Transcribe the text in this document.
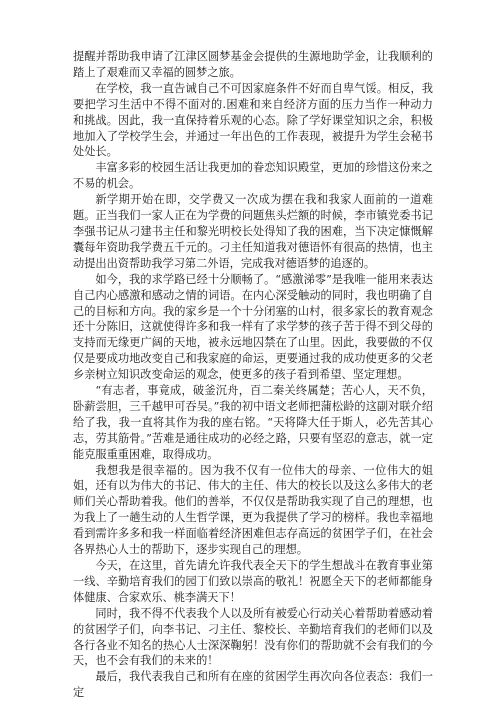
提醒并帮助我申请了江津区圆梦基金会提供的生源地助学金，让我顺利的踏上了艰难而又幸福的圆梦之旅。

在学校，我一直告诫自己不可因家庭条件不好而自卑气馁。相反，我要把学习生活中不得不面对的.困难和来自经济方面的压力当作一种动力和挑战。因此，我一直保持着乐观的心态。除了学好课堂知识之余，积极地加入了学校学生会，并通过一年出色的工作表现，被提升为学生会秘书处处长。

丰富多彩的校园生活让我更加的眷恋知识殿堂，更加的珍惜这份来之不易的机会。

新学期开始在即，交学费又一次成为摆在我和我家人面前的一道难题。正当我们一家人正在为学费的问题焦头烂额的时候，李市镇党委书记李强书记从刁建书主任和黎光明校长处得知了我的困难，当下决定慷慨解囊每年资助我学费五千元的。刁主任知道我对德语怀有很高的热情，也主动提出出资帮助我学习第二外语，完成我对德语梦的追逐的。

如今，我的求学路已经十分顺畅了。“感激涕零”是我唯一能用来表达自己内心感激和感动之情的词语。在内心深受触动的同时，我也明确了自己的目标和方向。我的家乡是一个十分闭塞的山村，很多家长的教育观念还十分陈旧，这就使得许多和我一样有了求学梦的孩子苦于得不到父母的支持而无缘更广阔的天地，被永远地囚禁在了山里。因此，我要做的不仅仅是要成功地改变自己和我家庭的命运，更要通过我的成功使更多的父老乡亲树立知识改变命运的观念，使更多的孩子看到希望、坚定理想。

“有志者，事竟成，破釜沉舟，百二秦关终属楚；苦心人，天不负，卧薪尝胆，三千越甲可吞吴。”我的初中语文老师把蒲松龄的这副对联介绍给了我，我一直将其作为我的座右铭。“天将降大任于斯人，必先苦其心志，劳其筋骨。”苦难是通往成功的必经之路，只要有坚忍的意志，就一定能克服重重困难，取得成功。

我想我是很幸福的。因为我不仅有一位伟大的母亲、一位伟大的姐姐，还有以为伟大的书记、伟大的主任、伟大的校长以及这么多伟大的老师们关心帮助着我。他们的善举，不仅仅是帮助我实现了自己的理想，也为我上了一趟生动的人生哲学课，更为我提供了学习的榜样。我也幸福地看到需许多多和我一样面临着经济困难但志存高远的贫困学子们，在社会各界热心人士的帮助下，逐步实现自己的理想。

今天，在这里，首先请允许我代表全天下的学生想战斗在教育事业第一线、辛勤培育我们的园丁们致以崇高的敬礼！祝愿全天下的老师都能身体健康、合家欢乐、桃李满天下！

同时，我不得不代表我个人以及所有被爱心行动关心着帮助着感动着的贫困学子们，向李书记、刁主任、黎校长、辛勤培育我们的老师们以及各行各业不知名的热心人士深深鞠躬！没有你们的帮助就不会有我们的今天，也不会有我们的未来的！

最后，我代表我自己和所有在座的贫困学生再次向各位表态：我们一定
